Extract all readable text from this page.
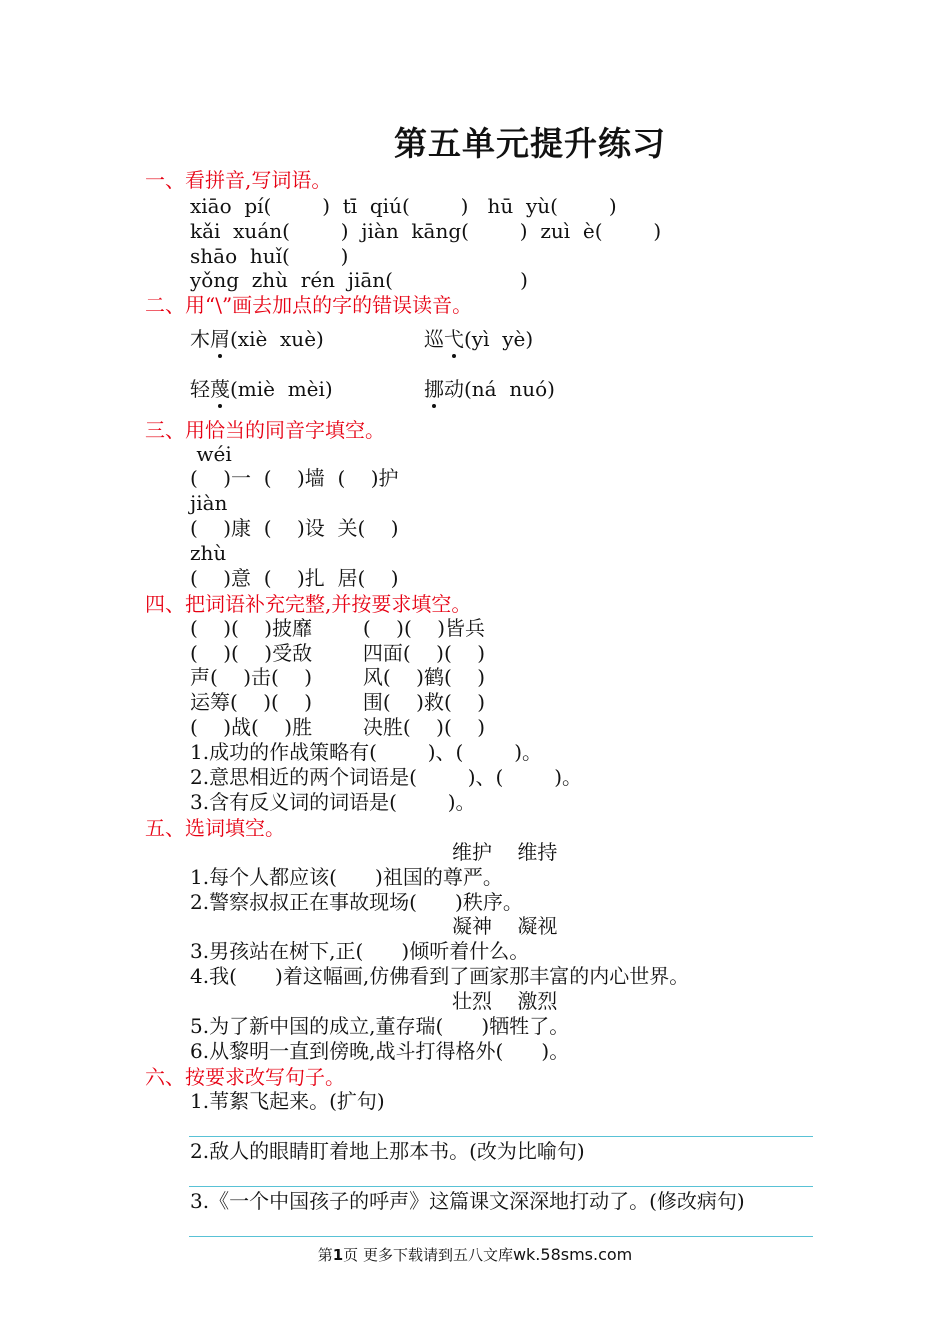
第五单元提升练习
一、看拼音,写词语。
xiāo  pí(        )  tī  qiú(        )   hū  yù(        )
kǎi  xuán(        )  jiàn  kāng(        )  zuì  è(        )
shāo  huǐ(        )
yǒng  zhù  rén  jiān(                    )
二、用“\”画去加点的字的错误读音。
木屑(xiè  xuè)	巡弋(yì  yè)
轻蔑(miè  mèi)	挪动(ná  nuó)
三、用恰当的同音字填空。
wéi
(    )一  (    )墙  (    )护
jiàn
(    )康  (    )设  关(    )
zhù
(    )意  (    )扎  居(    )
四、把词语补充完整,并按要求填空。
(    )(    )披靡        (    )(    )皆兵
(    )(    )受敌        四面(    )(    )
声(    )击(    )        风(    )鹤(    )
运筹(    )(    )        围(    )救(    )
(    )战(    )胜        决胜(    )(    )
1.成功的作战策略有(        )、(        )。
2.意思相近的两个词语是(        )、(        )。
3.含有反义词的词语是(        )。
五、选词填空。
维护    维持
1.每个人都应该(      )祖国的尊严。
2.警察叔叔正在事故现场(      )秩序。
凝神    凝视
3.男孩站在树下,正(      )倾听着什么。
4.我(      )着这幅画,仿佛看到了画家那丰富的内心世界。
壮烈    激烈
5.为了新中国的成立,董存瑞(      )牺牲了。
6.从黎明一直到傍晚,战斗打得格外(      )。
六、按要求改写句子。
1.苇絮飞起来。(扩句)
2.敌人的眼睛盯着地上那本书。(改为比喻句)
3.《一个中国孩子的呼声》这篇课文深深地打动了。(修改病句)
第1页 更多下载请到五八文库wk.58sms.com
